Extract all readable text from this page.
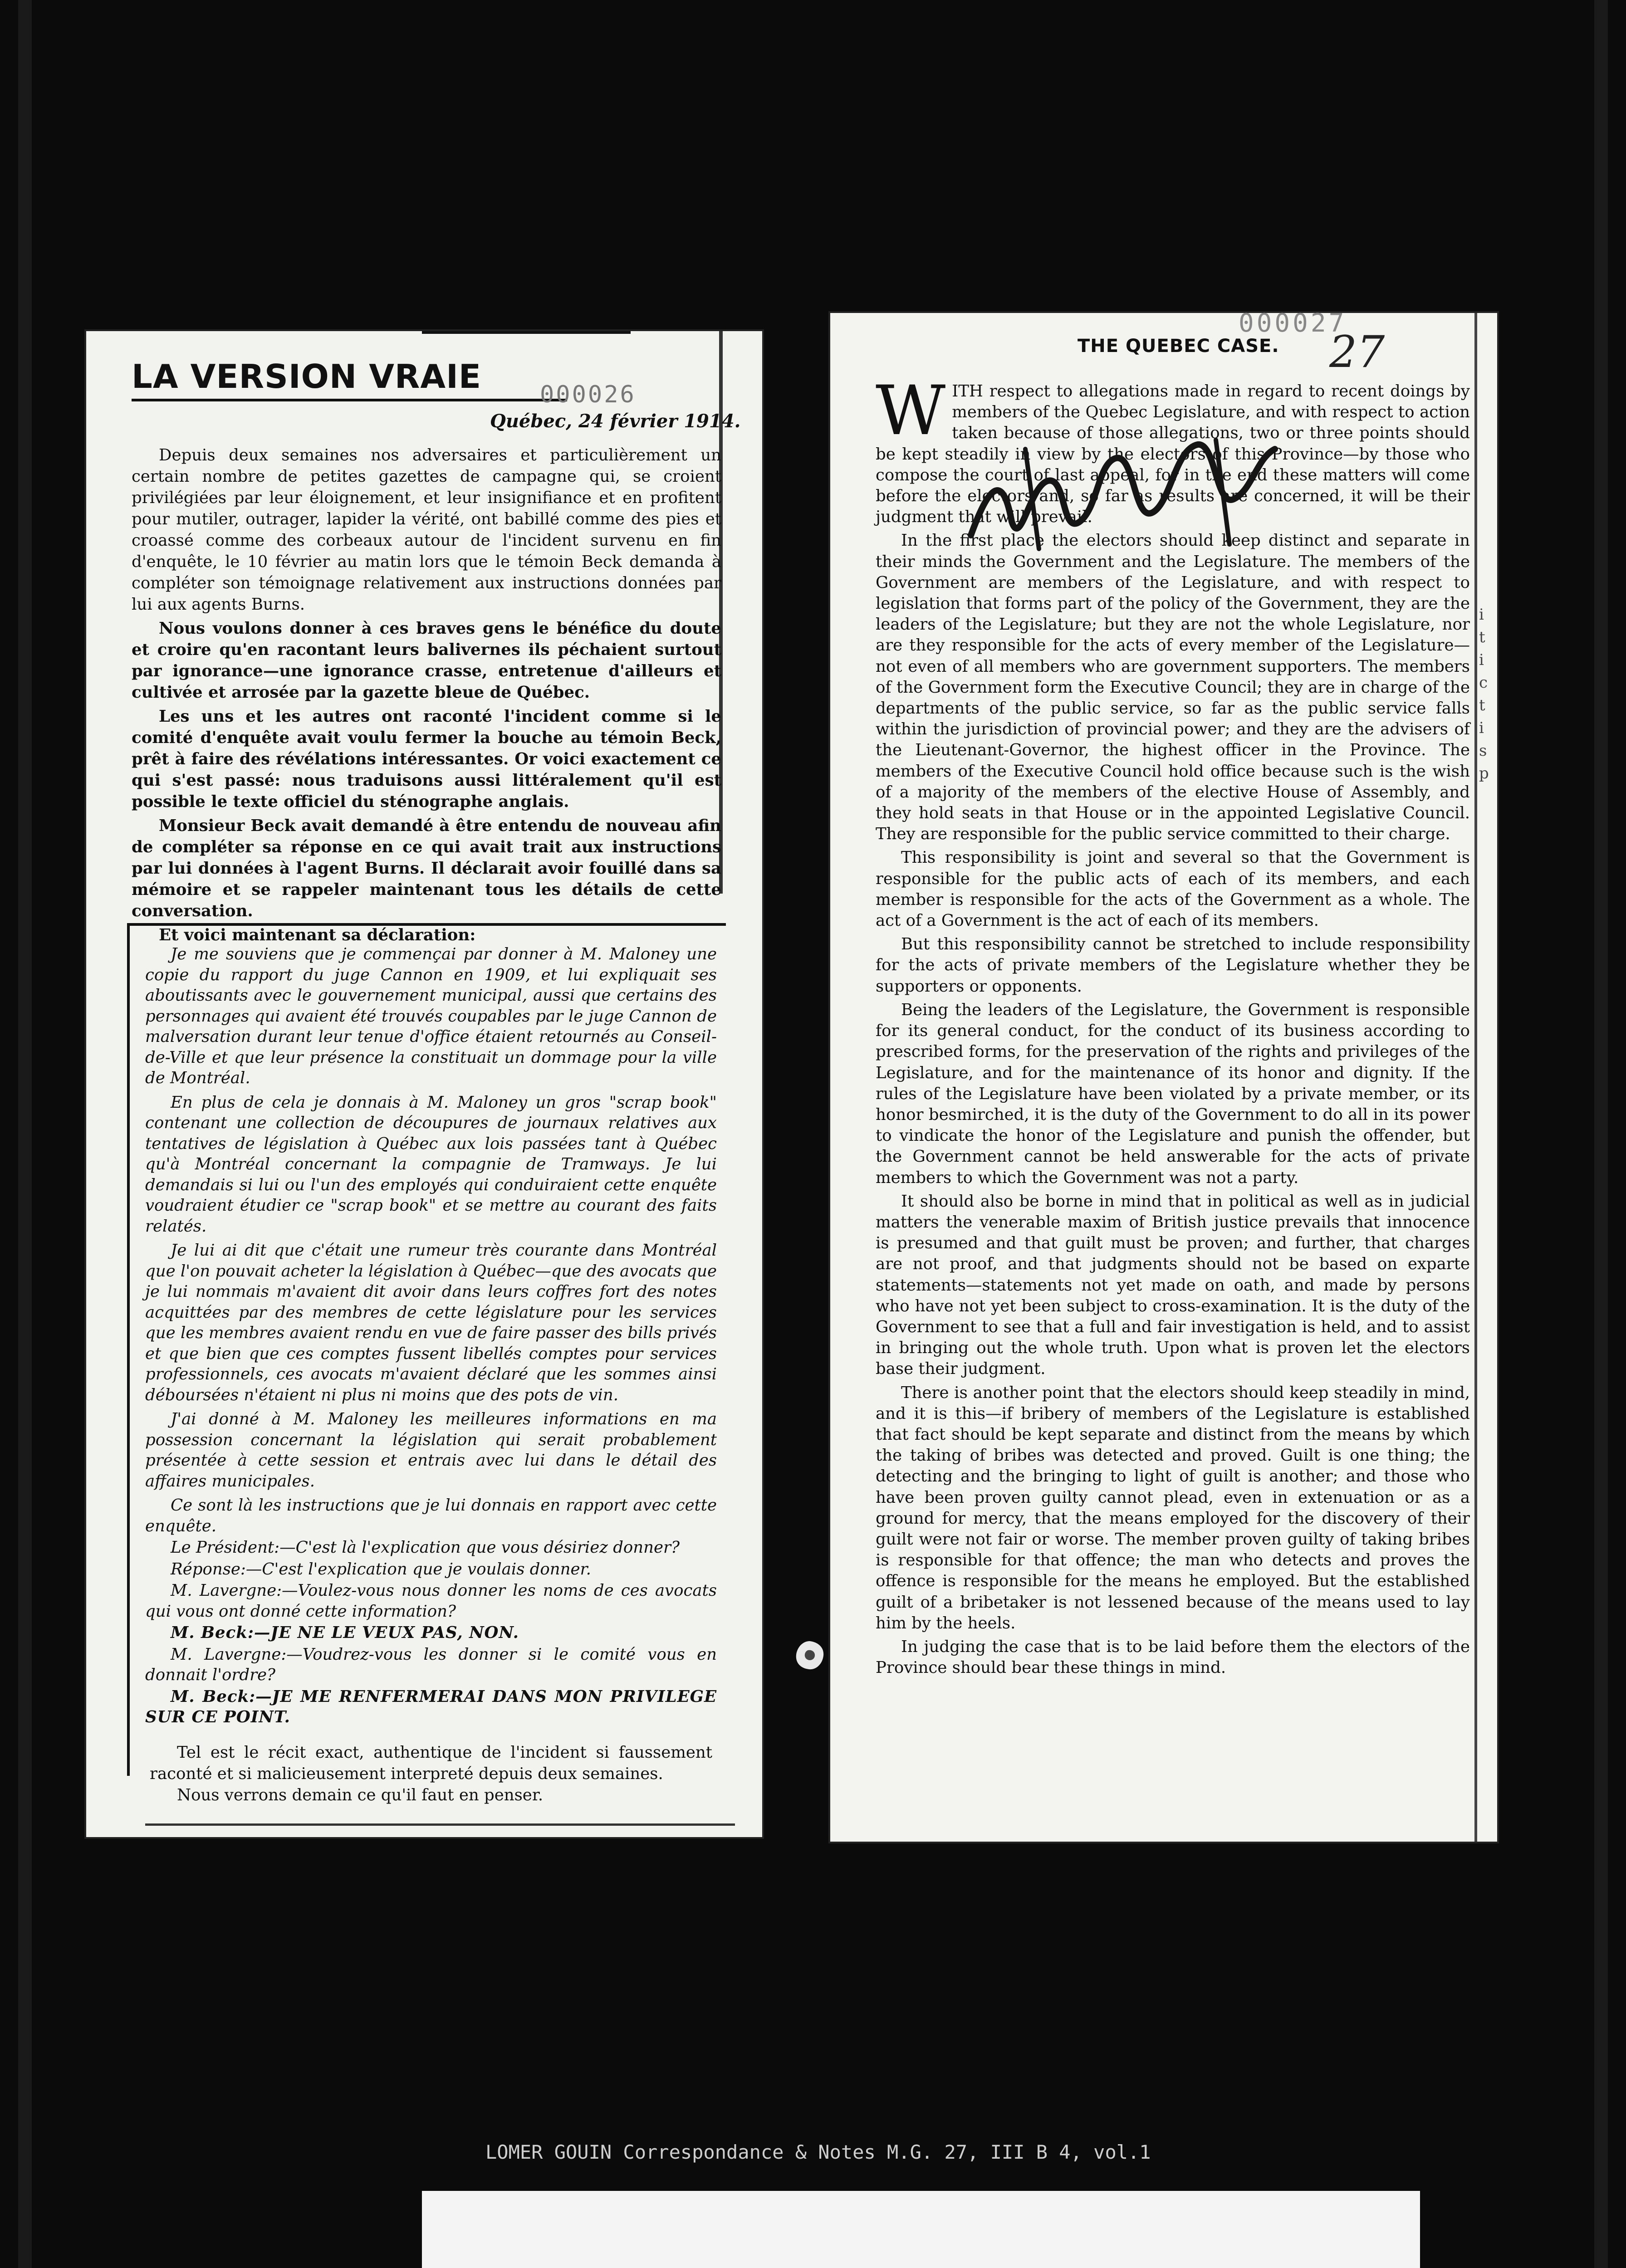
LA VERSION VRAIE	000026
Québec, 24 février 1914.

Depuis deux semaines nos adversaires et particulièrement un certain nombre de petites gazettes de campagne qui, se croient privilégiées par leur éloignement, et leur insignifiance et en profitent pour mutiler, outrager, lapider la vérité, ont babillé comme des pies et croassé comme des corbeaux autour de l'incident survenu en fin d'enquête, le 10 février au matin lors que le témoin Beck demanda à compléter son témoignage relativement aux instructions données par lui aux agents Burns.

Nous voulons donner à ces braves gens le bénéfice du doute et croire qu'en racontant leurs balivernes ils péchaient surtout par ignorance—une ignorance crasse, entretenue d'ailleurs et cultivée et arrosée par la gazette bleue de Québec.

Les uns et les autres ont raconté l'incident comme si le comité d'enquête avait voulu fermer la bouche au témoin Beck, prêt à faire des révélations intéressantes. Or voici exactement ce qui s'est passé: nous traduisons aussi littéralement qu'il est possible le texte officiel du sténographe anglais.

Monsieur Beck avait demandé à être entendu de nouveau afin de compléter sa réponse en ce qui avait trait aux instructions par lui données à l'agent Burns. Il déclarait avoir fouillé dans sa mémoire et se rappeler maintenant tous les détails de cette conversation.

Et voici maintenant sa déclaration:

Je me souviens que je commençai par donner à M. Maloney une copie du rapport du juge Cannon en 1909, et lui expliquait ses aboutissants avec le gouvernement municipal, aussi que certains des personnages qui avaient été trouvés coupables par le juge Cannon de malversation durant leur tenue d'office étaient retournés au Conseil-de-Ville et que leur présence la constituait un dommage pour la ville de Montréal.

En plus de cela je donnais à M. Maloney un gros "scrap book" contenant une collection de découpures de journaux relatives aux tentatives de législation à Québec aux lois passées tant à Québec qu'à Montréal concernant la compagnie de Tramways. Je lui demandais si lui ou l'un des employés qui conduiraient cette enquête voudraient étudier ce "scrap book" et se mettre au courant des faits relatés.

Je lui ai dit que c'était une rumeur très courante dans Montréal que l'on pouvait acheter la législation à Québec—que des avocats que je lui nommais m'avaient dit avoir dans leurs coffres fort des notes acquittées par des membres de cette législature pour les services que les membres avaient rendu en vue de faire passer des bills privés et que bien que ces comptes fussent libellés comptes pour services professionnels, ces avocats m'avaient déclaré que les sommes ainsi déboursées n'étaient ni plus ni moins que des pots de vin.

J'ai donné à M. Maloney les meilleures informations en ma possession concernant la législation qui serait probablement présentée à cette session et entrais avec lui dans le détail des affaires municipales.

Ce sont là les instructions que je lui donnais en rapport avec cette enquête.

Le Président:—C'est là l'explication que vous désiriez donner?

Réponse:—C'est l'explication que je voulais donner.

M. Lavergne:—Voulez-vous nous donner les noms de ces avocats qui vous ont donné cette information?

M. Beck:—JE NE LE VEUX PAS, NON.

M. Lavergne:—Voudrez-vous les donner si le comité vous en donnait l'ordre?

M. Beck:—JE ME RENFERMERAI DANS MON PRIVILEGE SUR CE POINT.

Tel est le récit exact, authentique de l'incident si faussement raconté et si malicieusement interpreté depuis deux semaines.

Nous verrons demain ce qu'il faut en penser.

i
t
i
c
t
i
s
p
000027
27
THE QUEBEC CASE.

WITH respect to allegations made in regard to recent doings by members of the Quebec Legislature, and with respect to action taken because of those allegations, two or three points should be kept steadily in view by the electors of this Province—by those who compose the court of last appeal, for in the end these matters will come before the electors and, so far as results are concerned, it will be their judgment that will prevail.

In the first place the electors should keep distinct and separate in their minds the Government and the Legislature. The members of the Government are members of the Legislature, and with respect to legislation that forms part of the policy of the Government, they are the leaders of the Legislature; but they are not the whole Legislature, nor are they responsible for the acts of every member of the Legislature—not even of all members who are government supporters. The members of the Government form the Executive Council; they are in charge of the departments of the public service, so far as the public service falls within the jurisdiction of provincial power; and they are the advisers of the Lieutenant-Governor, the highest officer in the Province. The members of the Executive Council hold office because such is the wish of a majority of the members of the elective House of Assembly, and they hold seats in that House or in the appointed Legislative Council. They are responsible for the public service committed to their charge.

This responsibility is joint and several so that the Government is responsible for the public acts of each of its members, and each member is responsible for the acts of the Government as a whole. The act of a Government is the act of each of its members.

But this responsibility cannot be stretched to include responsibility for the acts of private members of the Legislature whether they be supporters or opponents.

Being the leaders of the Legislature, the Government is responsible for its general conduct, for the conduct of its business according to prescribed forms, for the preservation of the rights and privileges of the Legislature, and for the maintenance of its honor and dignity. If the rules of the Legislature have been violated by a private member, or its honor besmirched, it is the duty of the Government to do all in its power to vindicate the honor of the Legislature and punish the offender, but the Government cannot be held answerable for the acts of private members to which the Government was not a party.

It should also be borne in mind that in political as well as in judicial matters the venerable maxim of British justice prevails that innocence is presumed and that guilt must be proven; and further, that charges are not proof, and that judgments should not be based on exparte statements—statements not yet made on oath, and made by persons who have not yet been subject to cross-examination. It is the duty of the Government to see that a full and fair investigation is held, and to assist in bringing out the whole truth. Upon what is proven let the electors base their judgment.

There is another point that the electors should keep steadily in mind, and it is this—if bribery of members of the Legislature is established that fact should be kept separate and distinct from the means by which the taking of bribes was detected and proved. Guilt is one thing; the detecting and the bringing to light of guilt is another; and those who have been proven guilty cannot plead, even in extenuation or as a ground for mercy, that the means employed for the discovery of their guilt were not fair or worse. The member proven guilty of taking bribes is responsible for that offence; the man who detects and proves the offence is responsible for the means he employed. But the established guilt of a bribetaker is not lessened because of the means used to lay him by the heels.

In judging the case that is to be laid before them the electors of the Province should bear these things in mind.

LOMER GOUIN Correspondance & Notes M.G. 27, III B 4, vol.1
